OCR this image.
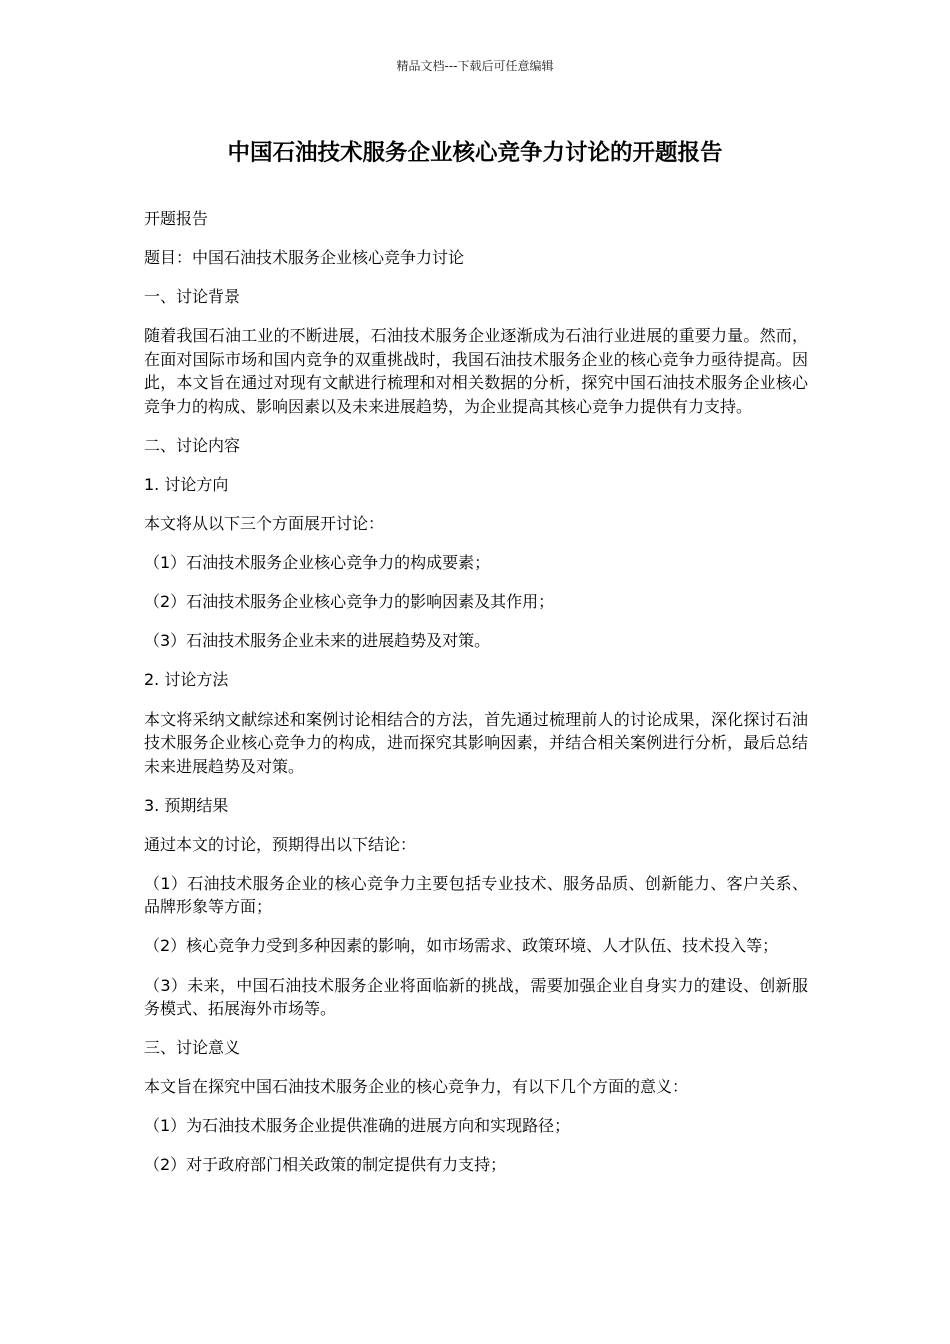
精品文档---下载后可任意编辑
中国石油技术服务企业核心竞争力讨论的开题报告

开题报告

题目：中国石油技术服务企业核心竞争力讨论

一、讨论背景

随着我国石油工业的不断进展，石油技术服务企业逐渐成为石油行业进展的重要力量。然而，在面对国际市场和国内竞争的双重挑战时，我国石油技术服务企业的核心竞争力亟待提高。因此，本文旨在通过对现有文献进行梳理和对相关数据的分析，探究中国石油技术服务企业核心竞争力的构成、影响因素以及未来进展趋势，为企业提高其核心竞争力提供有力支持。

二、讨论内容

1. 讨论方向

本文将从以下三个方面展开讨论：

（1）石油技术服务企业核心竞争力的构成要素；

（2）石油技术服务企业核心竞争力的影响因素及其作用；

（3）石油技术服务企业未来的进展趋势及对策。

2. 讨论方法

本文将采纳文献综述和案例讨论相结合的方法，首先通过梳理前人的讨论成果，深化探讨石油技术服务企业核心竞争力的构成，进而探究其影响因素，并结合相关案例进行分析，最后总结未来进展趋势及对策。

3. 预期结果

通过本文的讨论，预期得出以下结论：

（1）石油技术服务企业的核心竞争力主要包括专业技术、服务品质、创新能力、客户关系、品牌形象等方面；

（2）核心竞争力受到多种因素的影响，如市场需求、政策环境、人才队伍、技术投入等；

（3）未来，中国石油技术服务企业将面临新的挑战，需要加强企业自身实力的建设、创新服务模式、拓展海外市场等。

三、讨论意义

本文旨在探究中国石油技术服务企业的核心竞争力，有以下几个方面的意义：

（1）为石油技术服务企业提供准确的进展方向和实现路径；

（2）对于政府部门相关政策的制定提供有力支持；
